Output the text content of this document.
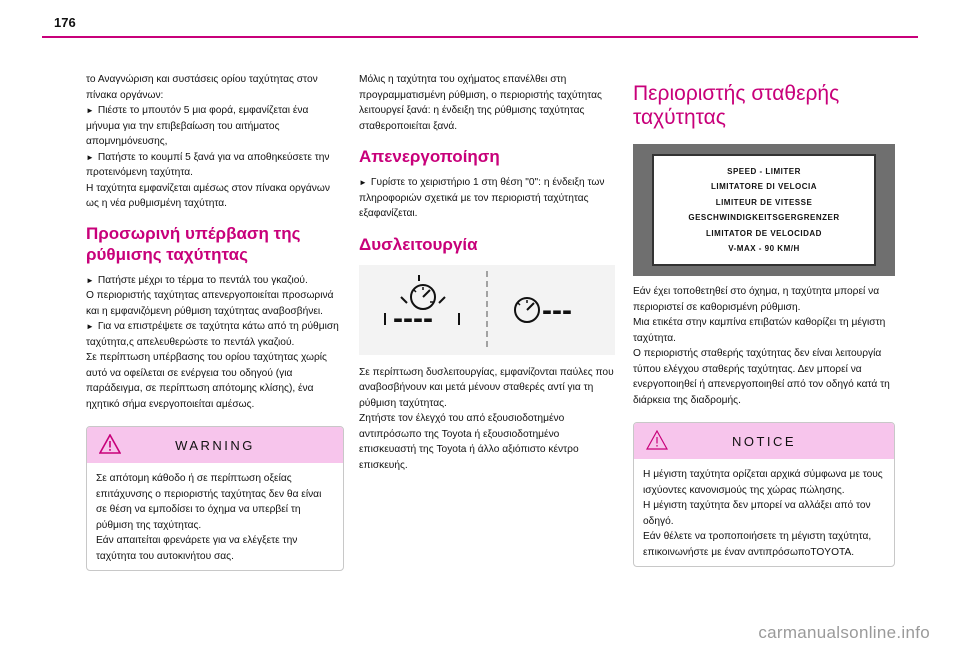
176

το Αναγνώριση και συστάσεις ορίου ταχύτητας στον πίνακα οργάνων:

► Πιέστε το μπουτόν 5 μια φορά, εμφανίζεται ένα μήνυμα για την επιβεβαίωση του αιτήματος απομνημόνευσης,

► Πατήστε το κουμπί 5 ξανά για να αποθηκεύσετε την προτεινόμενη ταχύτητα.

Η ταχύτητα εμφανίζεται αμέσως στον πίνακα οργάνων ως η νέα ρυθμισμένη ταχύτητα.

Προσωρινή υπέρβαση της ρύθμισης ταχύτητας

► Πατήστε μέχρι το τέρμα το πεντάλ του γκαζιού.

Ο περιοριστής ταχύτητας απενεργοποιείται προσωρινά και η εμφανιζόμενη ρύθμιση ταχύτητας αναβοσβήνει.

► Για να επιστρέψετε σε ταχύτητα κάτω από τη ρύθμιση ταχύτητα,ς απελευθερώστε το πεντάλ γκαζιού.

Σε περίπτωση υπέρβασης του ορίου ταχύτητας χωρίς αυτό να οφείλεται σε ενέργεια του οδηγού (για παράδειγμα, σε περίπτωση απότομης κλίσης), ένα ηχητικό σήμα ενεργοποιείται αμέσως.

WARNING
Σε απότομη κάθοδο ή σε περίπτωση οξείας επιτάχυνσης ο περιοριστής ταχύτητας δεν θα είναι σε θέση να εμποδίσει το όχημα να υπερβεί τη ρύθμιση της ταχύτητας.
Εάν απαιτείται φρενάρετε για να ελέγξετε την ταχύτητα του αυτοκινήτου σας.

Μόλις η ταχύτητα του οχήματος επανέλθει στη προγραμματισμένη ρύθμιση, ο περιοριστής ταχύτητας λειτουργεί ξανά: η ένδειξη της ρύθμισης ταχύτητας σταθεροποιείται ξανά.

Απενεργοποίηση

► Γυρίστε το χειριστήριο 1 στη θέση "0": η ένδειξη των πληροφοριών σχετικά με τον περιοριστή ταχύτητας εξαφανίζεται.

Δυσλειτουργία
----	---

Σε περίπτωση δυσλειτουργίας, εμφανίζονται παύλες που αναβοσβήνουν και μετά μένουν σταθερές αντί για τη ρύθμιση ταχύτητας.
Ζητήστε τον έλεγχό του από εξουσιοδοτημένο αντιπρόσωπο της Toyota ή εξουσιοδοτημένο επισκευαστή της Toyota ή άλλο αξιόπιστο κέντρο επισκευής.

Περιοριστής σταθερής ταχύτητας
SPEED - LIMITER
LIMITATORE DI VELOCIA
LIMITEUR DE VITESSE
GESCHWINDIGKEITSGERGRENZER
LIMITATOR DE VELOCIDAD
V-MAX - 90 KM/H

Εάν έχει τοποθετηθεί στο όχημα, η ταχύτητα μπορεί να περιοριστεί σε καθορισμένη ρύθμιση.
Μια ετικέτα στην καμπίνα επιβατών καθορίζει τη μέγιστη ταχύτητα.
Ο περιοριστής σταθερής ταχύτητας δεν είναι λειτουργία τύπου ελέγχου σταθερής ταχύτητας. Δεν μπορεί να ενεργοποιηθεί ή απενεργοποιηθεί από τον οδηγό κατά τη διάρκεια της διαδρομής.

NOTICE
Η μέγιστη ταχύτητα ορίζεται αρχικά σύμφωνα με τους ισχύοντες κανονισμούς της χώρας πώλησης.
Η μέγιστη ταχύτητα δεν μπορεί να αλλάξει από τον οδηγό.
Εάν θέλετε να τροποποιήσετε τη μέγιστη ταχύτητα, επικοινωνήστε με έναν αντιπρόσωποTOYOTA.
carmanualsonline.info
